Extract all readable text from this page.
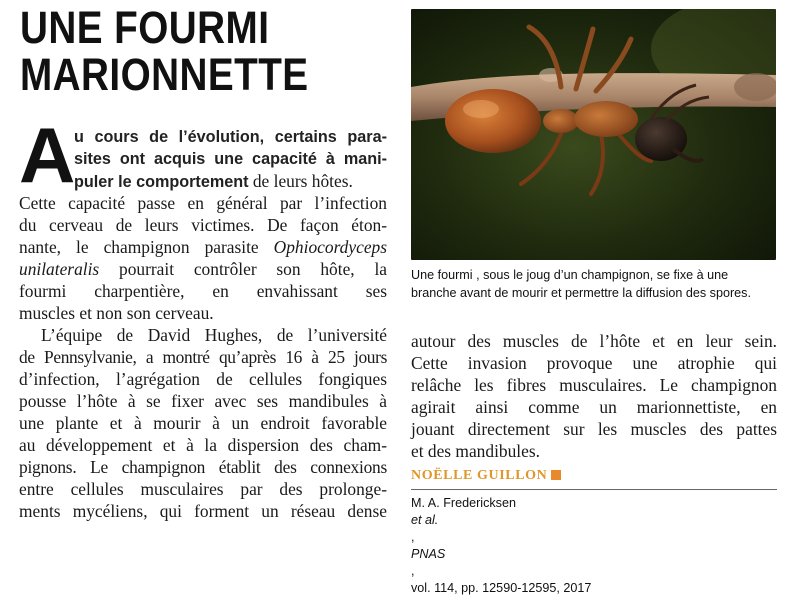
UNE FOURMI
MARIONNETTE
A
u cours de l’évolution, certains para-
sites ont acquis une capacité à mani-
puler le comportement de leurs hôtes.
Cette capacité passe en général par l’infection
du cerveau de leurs victimes. De façon éton-
nante, le champignon parasite Ophiocordyceps
unilateralis pourrait contrôler son hôte, la
fourmi charpentière, en envahissant ses
muscles et non son cerveau.
L’équipe de David Hughes, de l’université
de Pennsylvanie, a montré qu’après 16 à 25 jours
d’infection, l’agrégation de cellules fongiques
pousse l’hôte à se fixer avec ses mandibules à
une plante et à mourir à un endroit favorable
au développement et à la dispersion des cham-
pignons. Le champignon établit des connexions
entre cellules musculaires par des prolonge-
ments mycéliens, qui forment un réseau dense
Une fourmi , sous le joug d’un champignon, se fixe à une
branche avant de mourir et permettre la diffusion des spores.
autour des muscles de l’hôte et en leur sein.
Cette invasion provoque une atrophie qui
relâche les fibres musculaires. Le champignon
agirait ainsi comme un marionnettiste, en
jouant directement sur les muscles des pattes
et des mandibules.
NOËLLE GUILLON
M. A. Fredericksen
et al.
,
PNAS
,
vol. 114, pp. 12590-12595, 2017
